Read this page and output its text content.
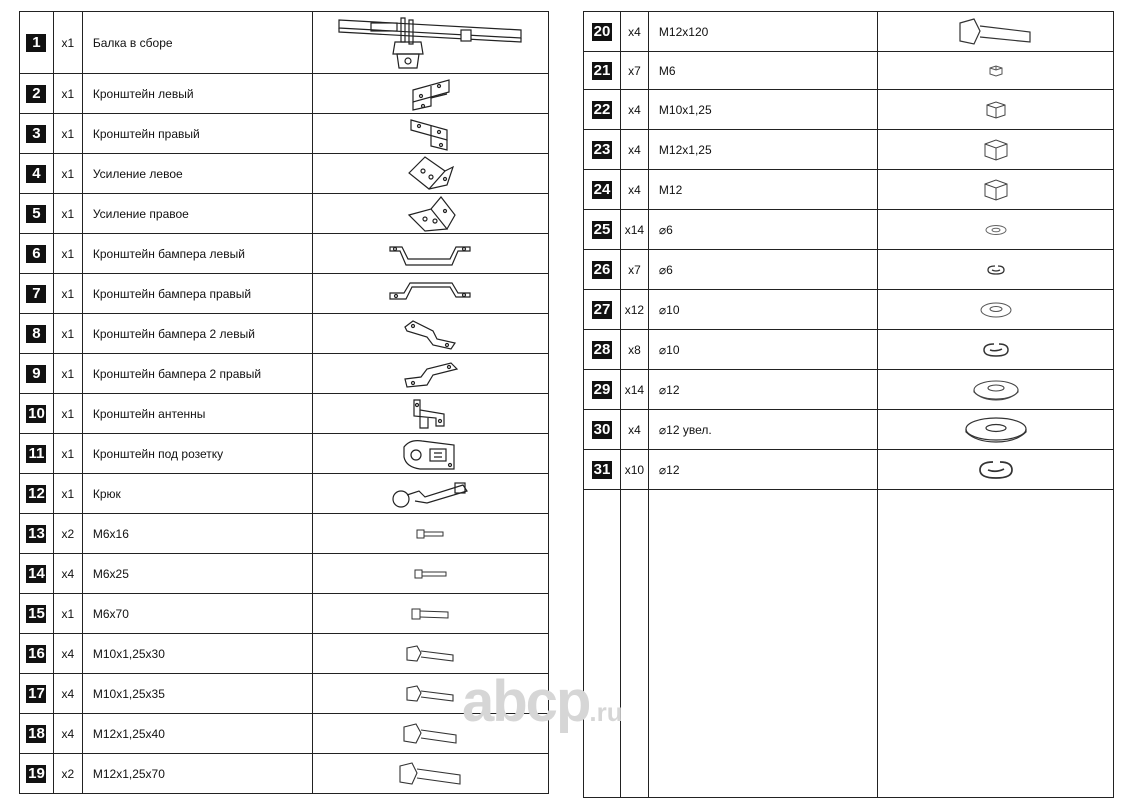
1	x1	Балка в сборе	

2	x1	Кронштейн левый	

3	x1	Кронштейн правый	

4	x1	Усиление левое	

5	x1	Усиление правое	

6	x1	Кронштейн бампера левый	

7	x1	Кронштейн бампера правый	

8	x1	Кронштейн бампера 2 левый	

9	x1	Кронштейн бампера 2 правый	

10	x1	Кронштейн антенны	

11	x1	Кронштейн под розетку	

12	x1	Крюк	

13	x2	M6x16	

14	x4	M6x25	

15	x1	M6x70	

16	x4	M10x1,25x30	

17	x4	M10x1,25x35	

18	x4	M12x1,25x40	

19	x2	M12x1,25x70	
20	x4	M12x120	

21	x7	M6	

22	x4	M10x1,25	

23	x4	M12x1,25	

24	x4	M12	

25	x14	⌀6	

26	x7	⌀6	

27	x12	⌀10	

28	x8	⌀10	

29	x14	⌀12	

30	x4	⌀12 увел.	

31	x10	⌀12	

abcp.ru
